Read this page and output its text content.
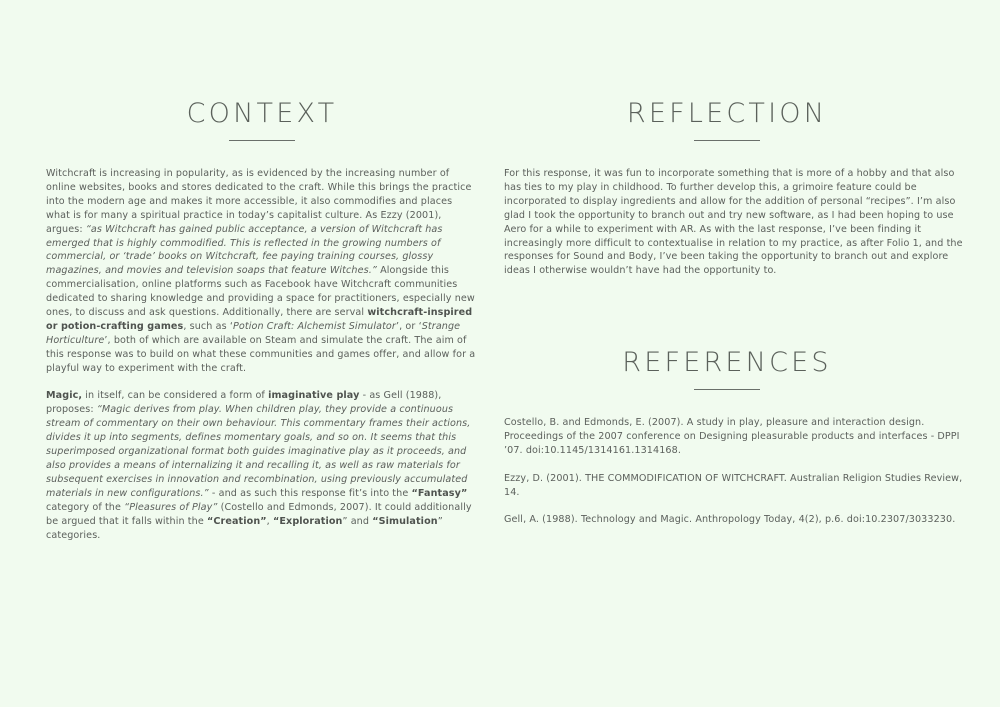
CONTEXT

Witchcraft is increasing in popularity, as is evidenced by the increasing number of online websites, books and stores dedicated to the craft. While this brings the practice into the modern age and makes it more accessible, it also commodifies and places what is for many a spiritual practice in today’s capitalist culture. As Ezzy (2001), argues: “as Witchcraft has gained public acceptance, a version of Witchcraft has emerged that is highly commodified. This is reflected in the growing numbers of commercial, or ‘trade’ books on Witchcraft, fee paying training courses, glossy magazines, and movies and television soaps that feature Witches.” Alongside this commercialisation, online platforms such as Facebook have Witchcraft communities dedicated to sharing knowledge and providing a space for practitioners, especially new ones, to discuss and ask questions. Additionally, there are serval witchcraft-inspired or potion-crafting games, such as ‘Potion Craft: Alchemist Simulator’, or ‘Strange Horticulture’, both of which are available on Steam and simulate the craft. The aim of this response was to build on what these communities and games offer, and allow for a playful way to experiment with the craft.

Magic, in itself, can be considered a form of imaginative play - as Gell (1988), proposes: “Magic derives from play. When children play, they provide a continuous stream of commentary on their own behaviour. This commentary frames their actions, divides it up into segments, defines momentary goals, and so on. It seems that this superimposed organizational format both guides imaginative play as it proceeds, and also provides a means of internalizing it and recalling it, as well as raw materials for subsequent exercises in innovation and recombination, using previously accumulated materials in new configurations.” - and as such this response fit’s into the “Fantasy” category of the “Pleasures of Play” (Costello and Edmonds, 2007). It could additionally be argued that it falls within the “Creation”, “Exploration” and “Simulation” categories.

REFLECTION

For this response, it was fun to incorporate something that is more of a hobby and that also has ties to my play in childhood. To further develop this, a grimoire feature could be incorporated to display ingredients and allow for the addition of personal “recipes”. I’m also glad I took the opportunity to branch out and try new software, as I had been hoping to use Aero for a while to experiment with AR. As with the last response, I’ve been finding it increasingly more difficult to contextualise in relation to my practice, as after Folio 1, and the responses for Sound and Body, I’ve been taking the opportunity to branch out and explore ideas I otherwise wouldn’t have had the opportunity to.

REFERENCES

Costello, B. and Edmonds, E. (2007). A study in play, pleasure and interaction design. Proceedings of the 2007 conference on Designing pleasurable products and interfaces - DPPI ’07. doi:10.1145/1314161.1314168.

Ezzy, D. (2001). THE COMMODIFICATION OF WITCHCRAFT. Australian Religion Studies Review, 14.

Gell, A. (1988). Technology and Magic. Anthropology Today, 4(2), p.6. doi:10.2307/3033230.
